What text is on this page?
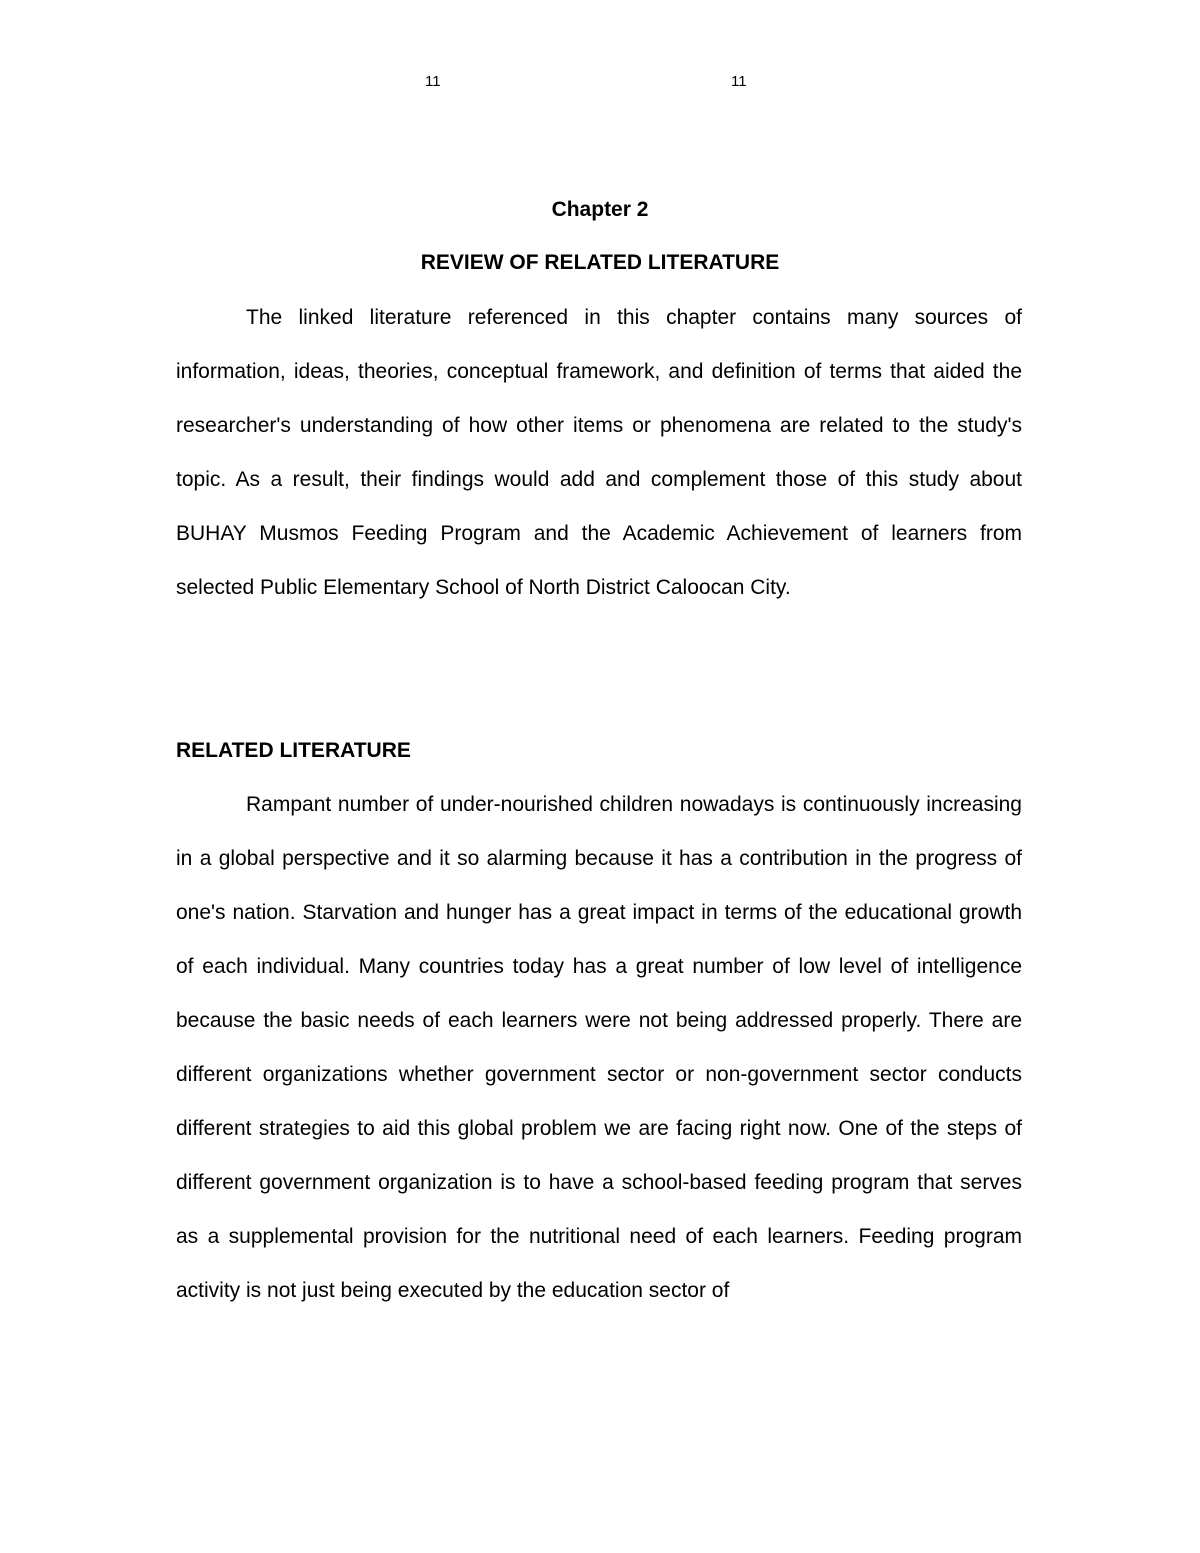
11	11
Chapter 2
REVIEW OF RELATED LITERATURE

The linked literature referenced in this chapter contains many sources of information, ideas, theories, conceptual framework, and definition of terms that aided the researcher's understanding of how other items or phenomena are related to the study's topic. As a result, their findings would add and complement those of this study about BUHAY Musmos Feeding Program and the Academic Achievement of learners from selected Public Elementary School of North District Caloocan City.

RELATED LITERATURE

Rampant number of under-nourished children nowadays is continuously increasing in a global perspective and it so alarming because it has a contribution in the progress of one's nation. Starvation and hunger has a great impact in terms of the educational growth of each individual. Many countries today has a great number of low level of intelligence because the basic needs of each learners were not being addressed properly. There are different organizations whether government sector or non-government sector conducts different strategies to aid this global problem we are facing right now. One of the steps of different government organization is to have a school-based feeding program that serves as a supplemental provision for the nutritional need of each learners. Feeding program activity is not just being executed by the education sector of
